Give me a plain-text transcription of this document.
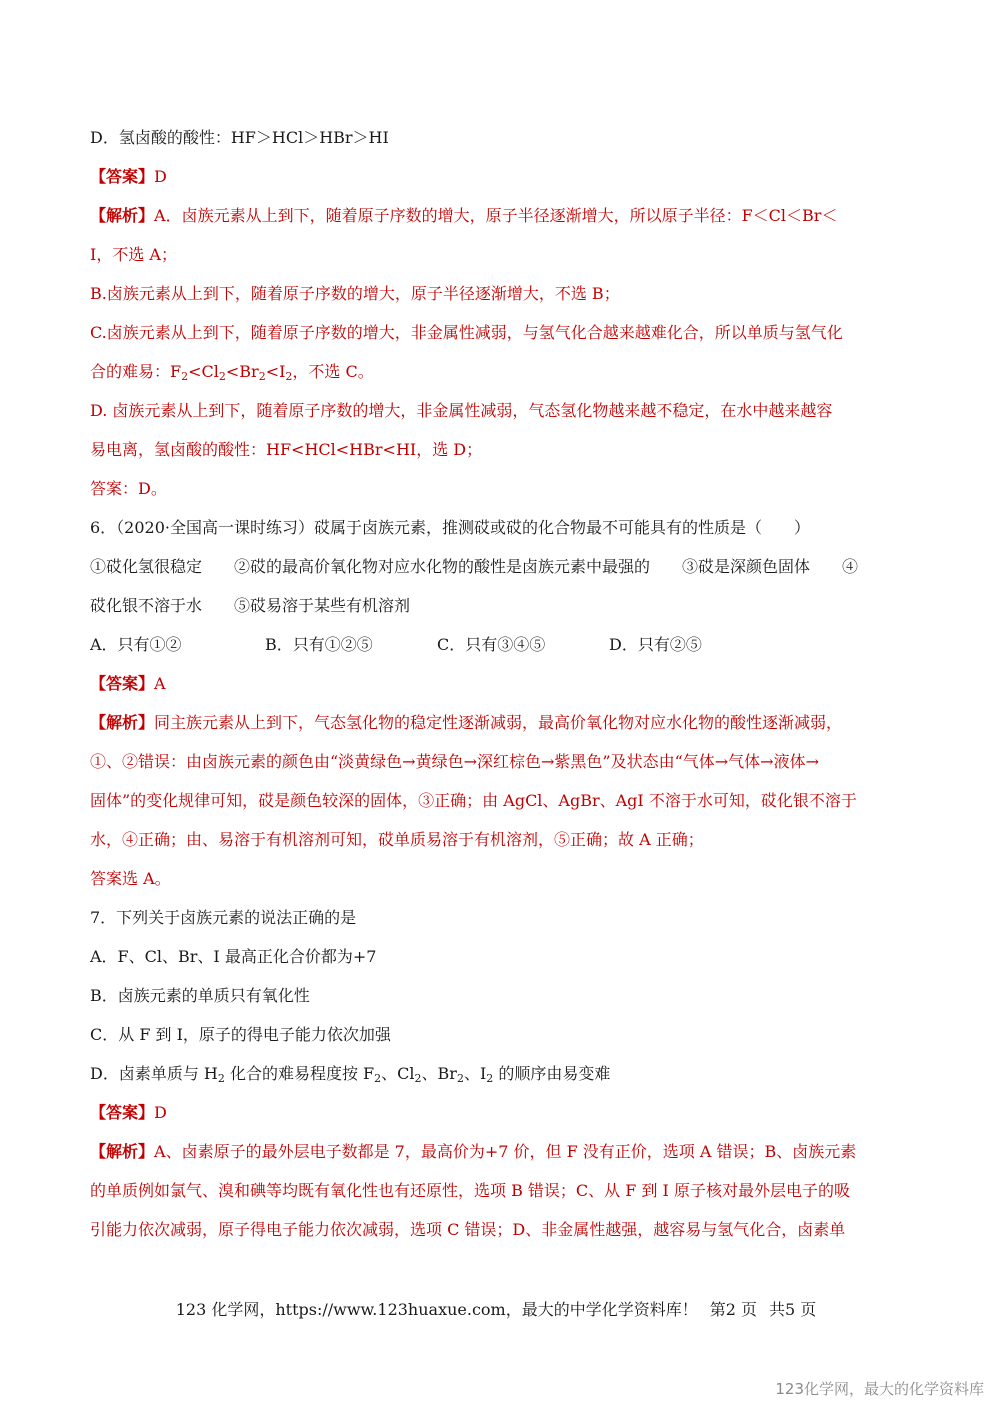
D．氢卤酸的酸性：HF＞HCl＞HBr＞HI
【答案】D
【解析】A．卤族元素从上到下，随着原子序数的增大，原子半径逐渐增大，所以原子半径：F＜Cl＜Br＜
I，不选 A；
B.卤族元素从上到下，随着原子序数的增大，原子半径逐渐增大，不选 B；
C.卤族元素从上到下，随着原子序数的增大，非金属性减弱，与氢气化合越来越难化合，所以单质与氢气化
合的难易：$F_2<Cl_2<Br_2<I_2$，不选 C。
D. 卤族元素从上到下，随着原子序数的增大，非金属性减弱，气态氢化物越来越不稳定，在水中越来越容
易电离，氢卤酸的酸性：HF<HCl<HBr<HI，选 D；
答案：D。
6．（2020·全国高一课时练习）砹属于卤族元素，推测砹或砹的化合物最不可能具有的性质是（　　）
①砹化氢很稳定　　②砹的最高价氧化物对应水化物的酸性是卤族元素中最强的　　③砹是深颜色固体　　④
砹化银不溶于水　　⑤砹易溶于某些有机溶剂
A．只有①②	B．只有①②⑤	C．只有③④⑤	D．只有②⑤
【答案】A
【解析】同主族元素从上到下，气态氢化物的稳定性逐渐减弱，最高价氧化物对应水化物的酸性逐渐减弱，
①、②错误：由卤族元素的颜色由“淡黄绿色→黄绿色→深红棕色→紫黑色”及状态由“气体→气体→液体→
固体”的变化规律可知，砹是颜色较深的固体，③正确；由 AgCl、AgBr、AgI 不溶于水可知，砹化银不溶于
水，④正确；由、易溶于有机溶剂可知，砹单质易溶于有机溶剂，⑤正确；故 A 正确；
答案选 A。
7．下列关于卤族元素的说法正确的是
A．F、Cl、Br、I 最高正化合价都为+7
B．卤族元素的单质只有氧化性
C．从 F 到 I，原子的得电子能力依次加强
D．卤素单质与 $H_2$ 化合的难易程度按 $F_2$、$Cl_2$、$Br_2$、$I_2$ 的顺序由易变难
【答案】D
【解析】A、卤素原子的最外层电子数都是 7，最高价为+7 价，但 F 没有正价，选项 A 错误；B、卤族元素
的单质例如氯气、溴和碘等均既有氧化性也有还原性，选项 B 错误；C、从 F 到 I 原子核对最外层电子的吸
引能力依次减弱，原子得电子能力依次减弱，选项 C 错误；D、非金属性越强，越容易与氢气化合，卤素单
123 化学网，https://www.123huaxue.com，最大的中学化学资料库！ 第2 页 共5 页
123化学网，最大的化学资料库
